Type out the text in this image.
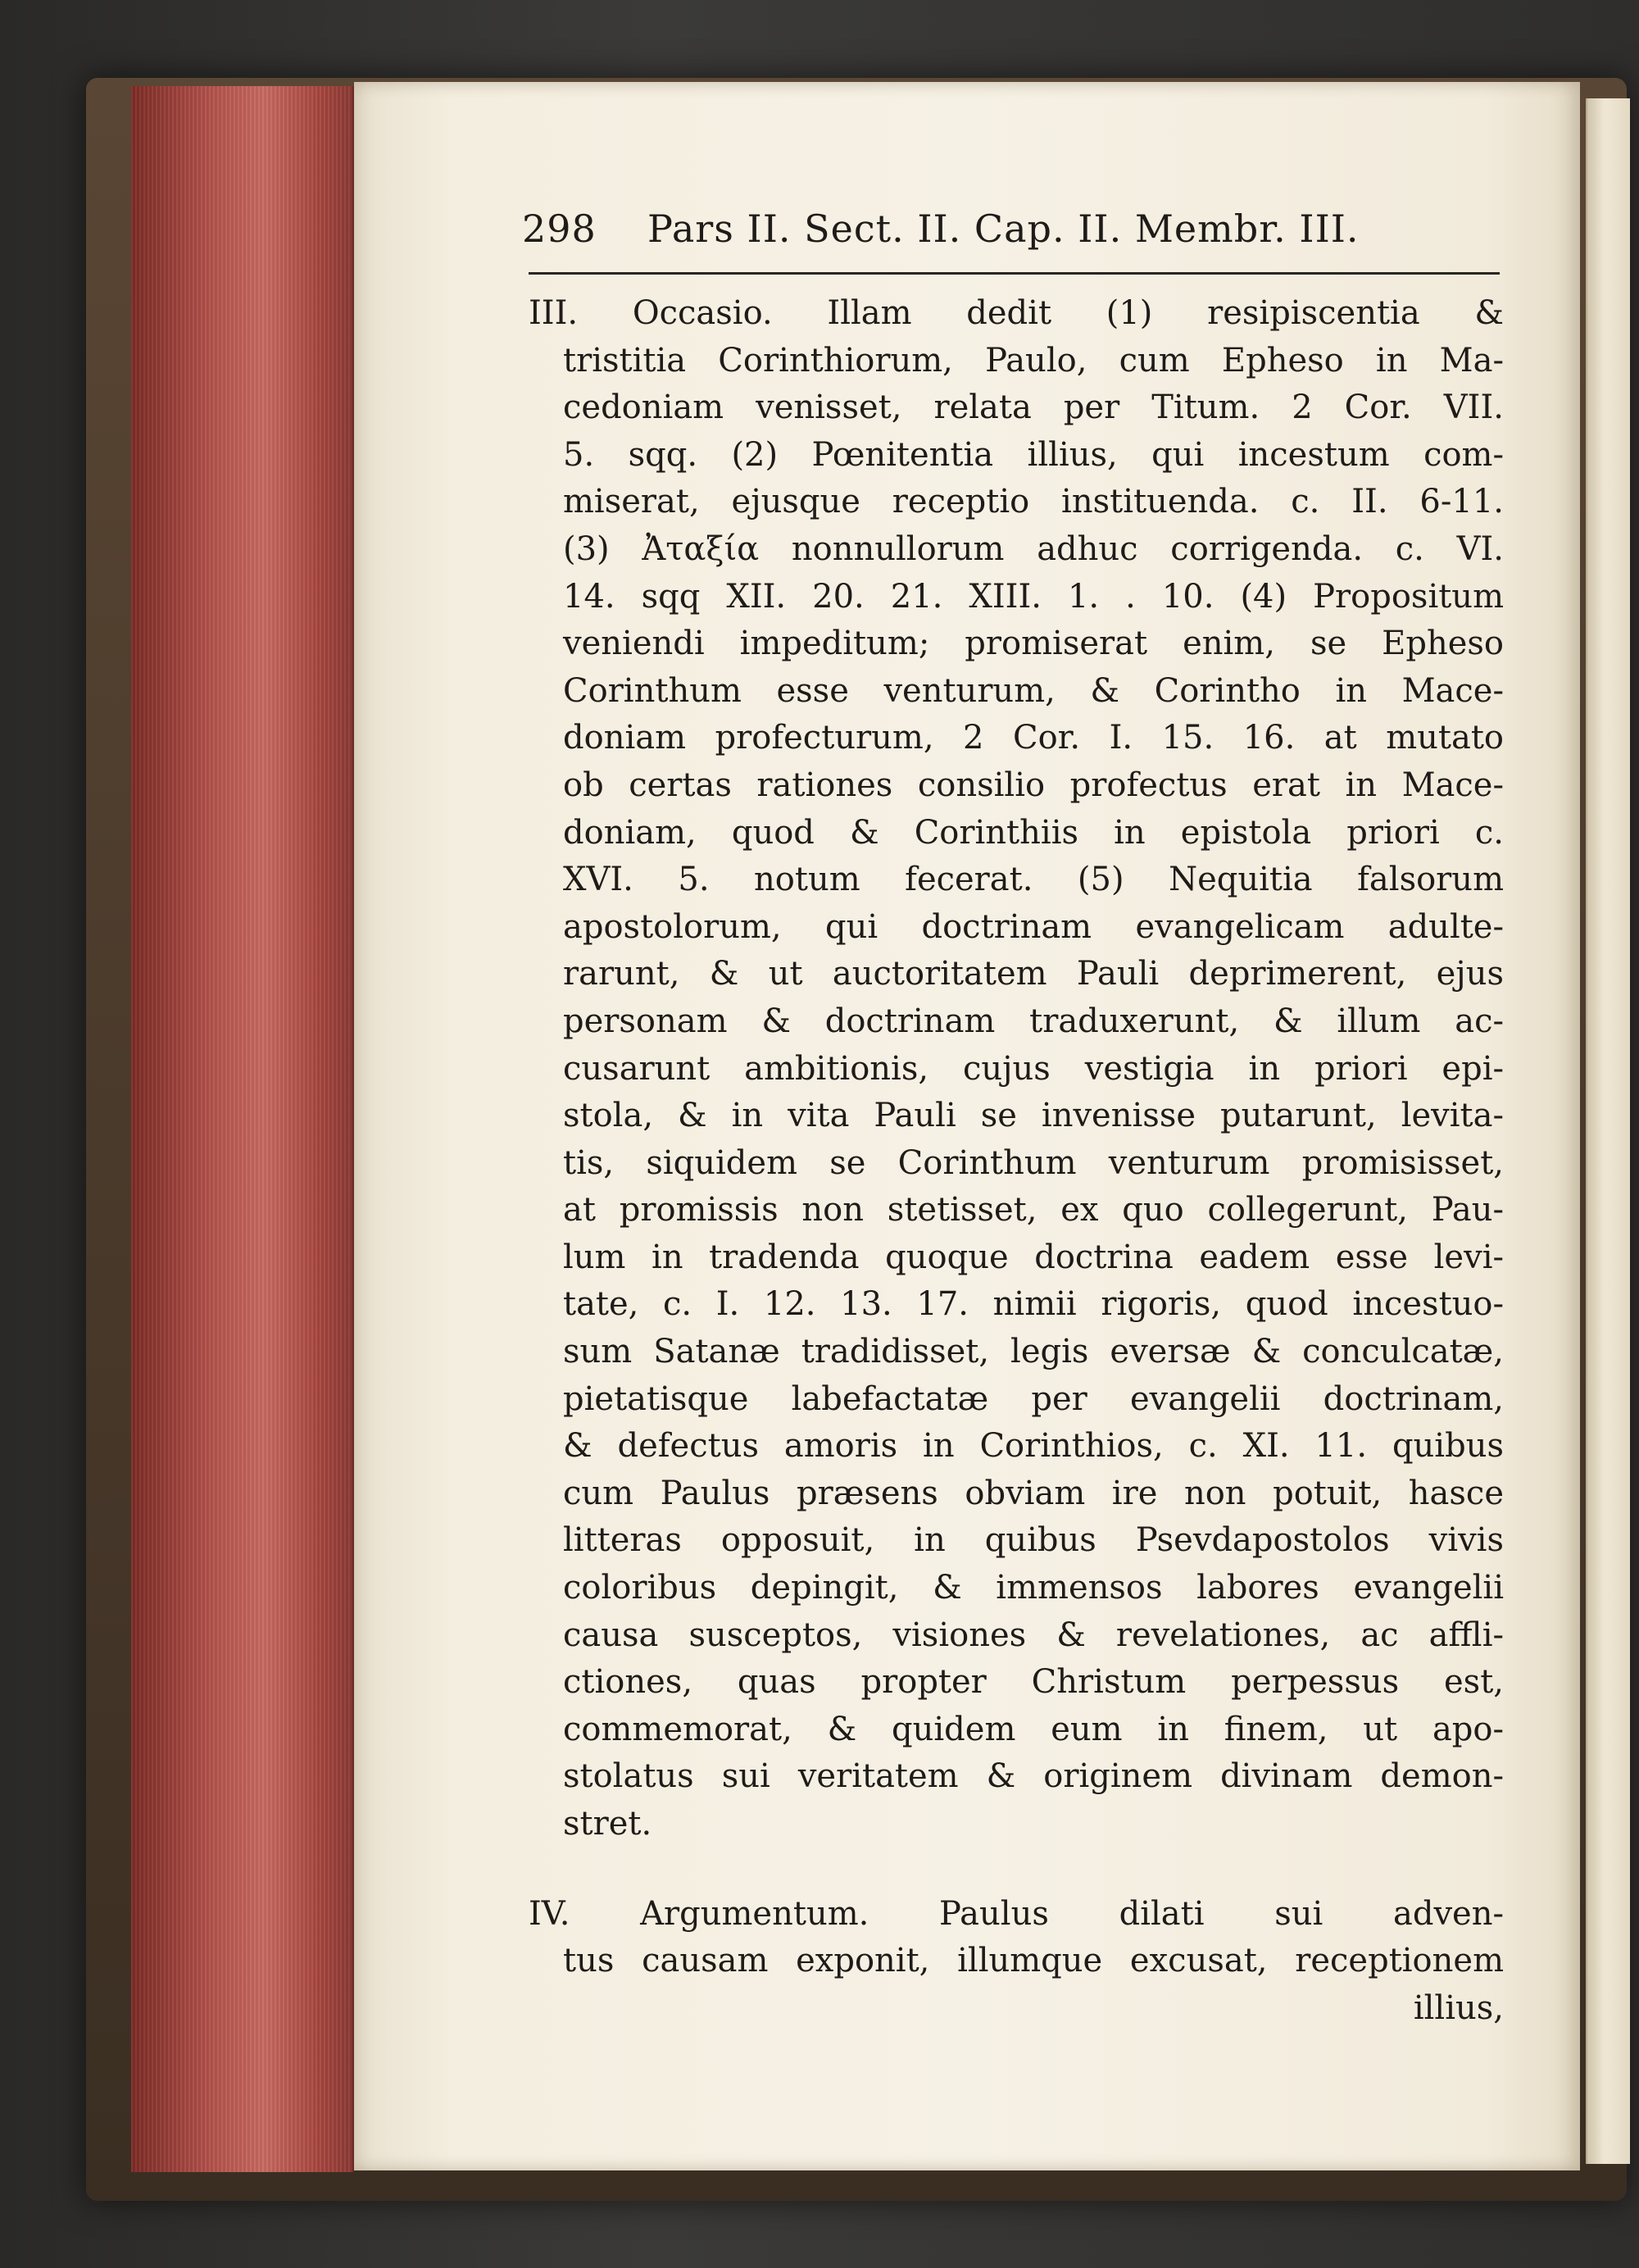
298 Pars II. Sect. II. Cap. II. Membr. III.
III. Occasio. Illam dedit (1) resipiscentia &
tristitia Corinthiorum, Paulo, cum Epheso in Ma-
cedoniam venisset, relata per Titum. 2 Cor. VII.
5. sqq. (2) Pœnitentia illius, qui incestum com-
miserat, ejusque receptio instituenda. c. II. 6-11.
(3) Ἀταξία nonnullorum adhuc corrigenda. c. VI.
14. sqq XII. 20. 21. XIII. 1. . 10. (4) Propositum
veniendi impeditum; promiserat enim, se Epheso
Corinthum esse venturum, & Corintho in Mace-
doniam profecturum, 2 Cor. I. 15. 16. at mutato
ob certas rationes consilio profectus erat in Mace-
doniam, quod & Corinthiis in epistola priori c.
XVI. 5. notum fecerat. (5) Nequitia falsorum
apostolorum, qui doctrinam evangelicam adulte-
rarunt, & ut auctoritatem Pauli deprimerent, ejus
personam & doctrinam traduxerunt, & illum ac-
cusarunt ambitionis, cujus vestigia in priori epi-
stola, & in vita Pauli se invenisse putarunt, levita-
tis, siquidem se Corinthum venturum promisisset,
at promissis non stetisset, ex quo collegerunt, Pau-
lum in tradenda quoque doctrina eadem esse levi-
tate, c. I. 12. 13. 17. nimii rigoris, quod incestuo-
sum Satanæ tradidisset, legis eversæ & conculcatæ,
pietatisque labefactatæ per evangelii doctrinam,
& defectus amoris in Corinthios, c. XI. 11. quibus
cum Paulus præsens obviam ire non potuit, hasce
litteras opposuit, in quibus Psevdapostolos vivis
coloribus depingit, & immensos labores evangelii
causa susceptos, visiones & revelationes, ac affli-
ctiones, quas propter Christum perpessus est,
commemorat, & quidem eum in finem, ut apo-
stolatus sui veritatem & originem divinam demon-
stret.
IV. Argumentum. Paulus dilati sui adven-
tus causam exponit, illumque excusat, receptionem
illius,
